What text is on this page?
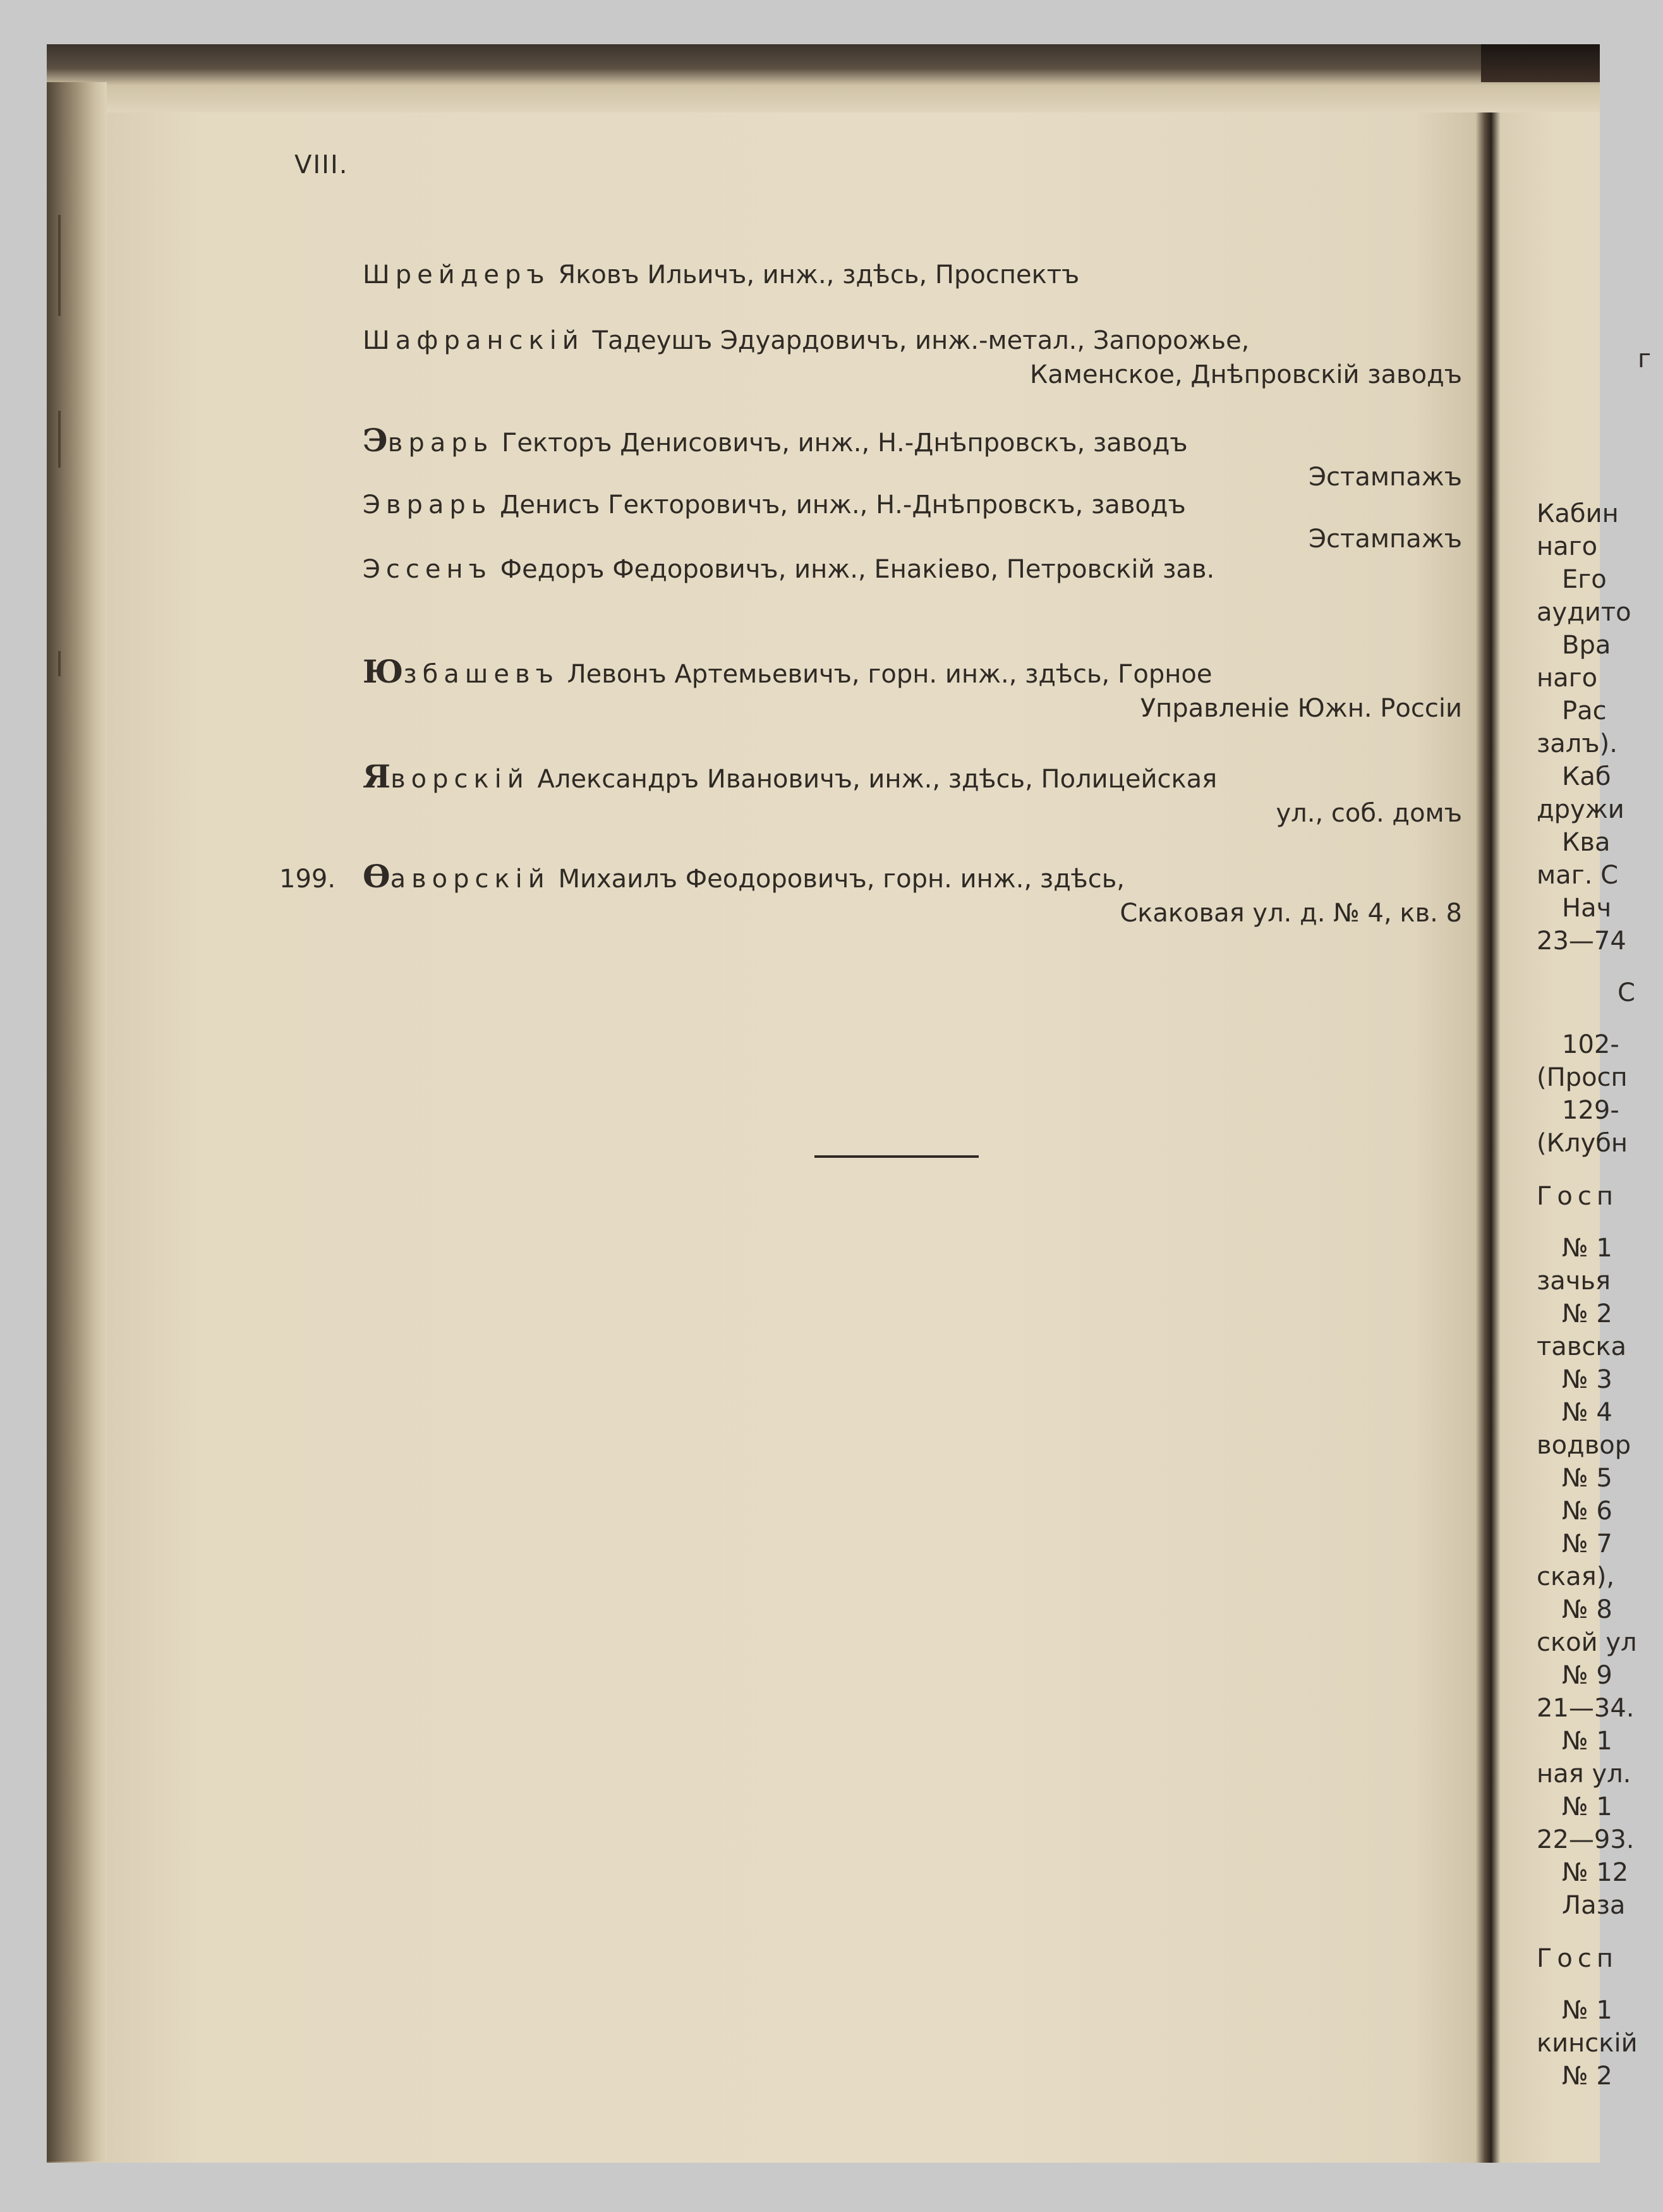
VIII.
Шрейдеръ Яковъ Ильичъ, инж., здѣсь, Проспектъ
Шафранскій Тадеушъ Эдуардовичъ, инж.-метал., Запорожье,
Каменское, Днѣпровскій заводъ
Эврарь Гекторъ Денисовичъ, инж., Н.-Днѣпровскъ, заводъ
Эстампажъ
Эврарь Денисъ Гекторовичъ, инж., Н.-Днѣпровскъ, заводъ
Эстампажъ
Эссенъ Федоръ Федоровичъ, инж., Енакіево, Петровскій зав.
Юзбашевъ Левонъ Артемьевичъ, горн. инж., здѣсь, Горное
Управленіе Южн. Россіи
Яворскій Александръ Ивановичъ, инж., здѣсь, Полицейская
ул., соб. домъ
199. Ѳаворскій Михаилъ Феодоровичъ, горн. инж., здѣсь,
Скаковая ул. д. № 4, кв. 8
г
Кабин
наго
Его
аудито
Вра
наго
Рас
залъ).
Каб
дружи
Ква
маг. С
Нач
23—74
С
102-
(Просп
129-
(Клубн
Госп
№ 1
зачья
№ 2
тавска
№ 3
№ 4
водвор
№ 5
№ 6
№ 7
ская),
№ 8
ской ул
№ 9
21—34.
№ 1
ная ул.
№ 1
22—93.
№ 12
Лаза
Госп
№ 1
кинскій
№ 2
